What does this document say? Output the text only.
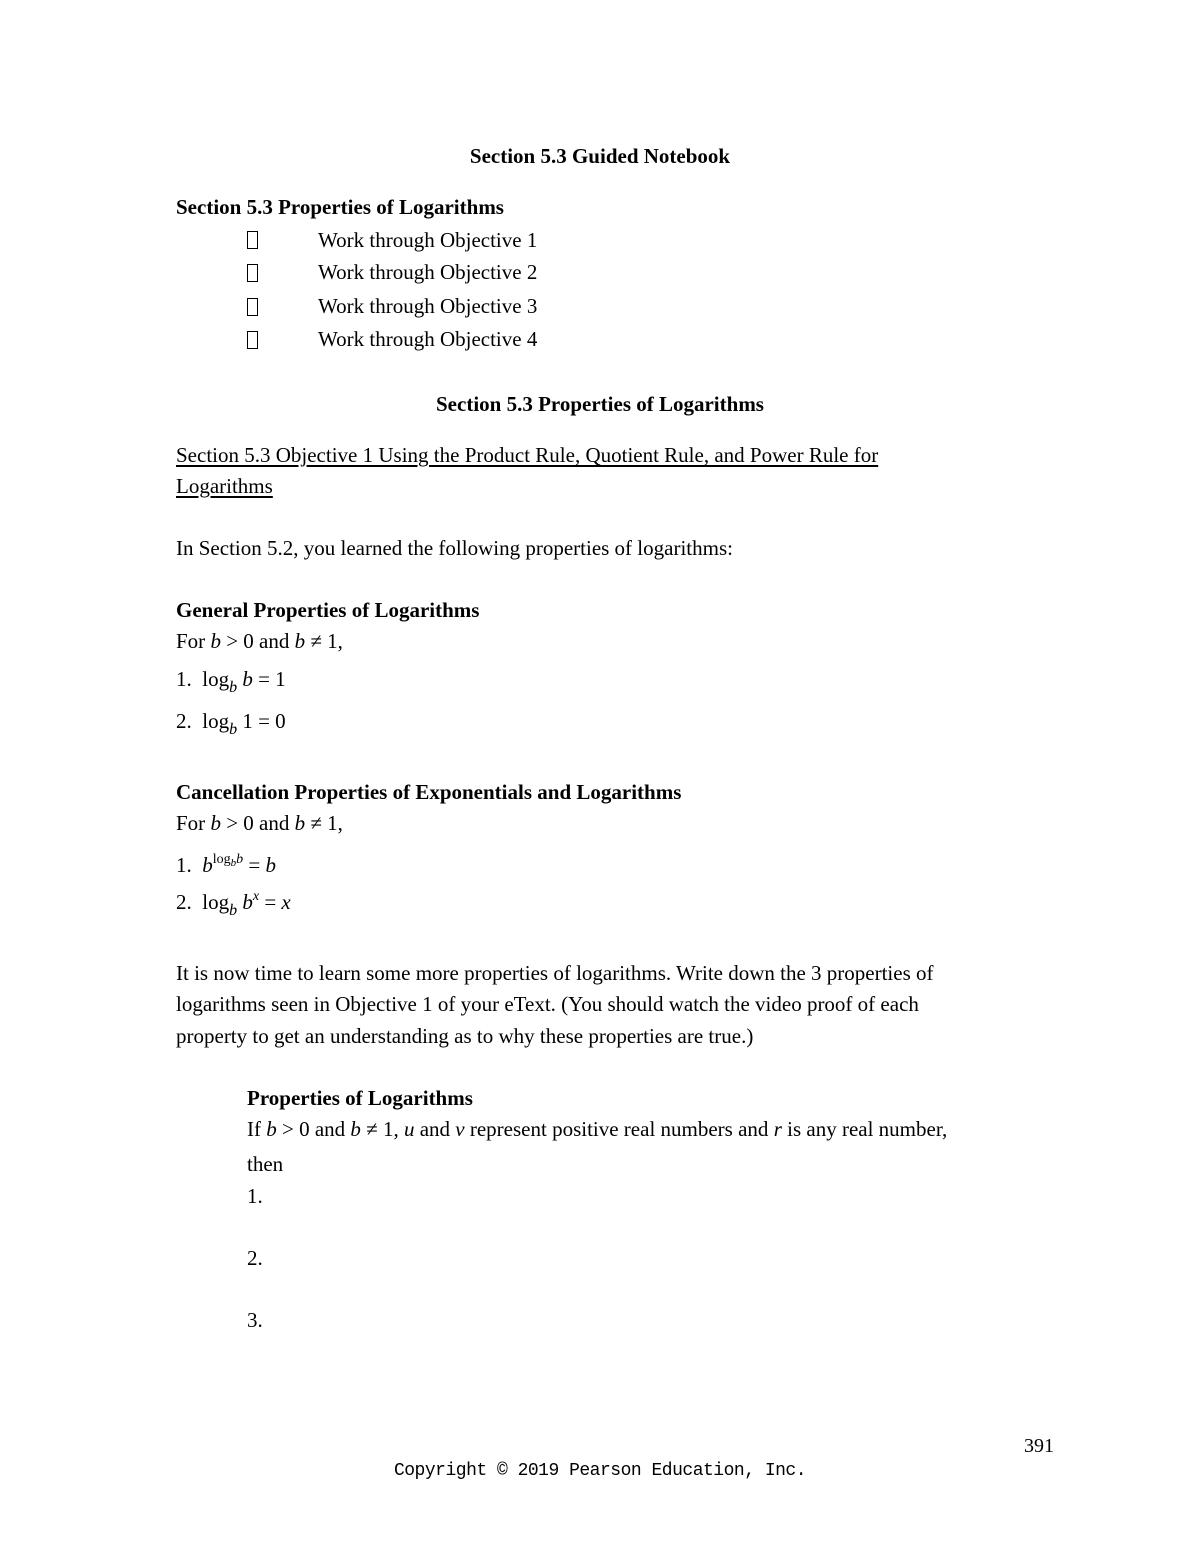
Section 5.3 Guided Notebook
Section 5.3 Properties of Logarithms
Work through Objective 1
Work through Objective 2
Work through Objective 3
Work through Objective 4
Section 5.3 Properties of Logarithms
Section 5.3 Objective 1 Using the Product Rule, Quotient Rule, and Power Rule for
Logarithms
In Section 5.2, you learned the following properties of logarithms:
General Properties of Logarithms
For b > 0 and b ≠ 1,
1. $\log_b b = 1$
2. $\log_b 1 = 0$
Cancellation Properties of Exponentials and Logarithms
For b > 0 and b ≠ 1,
1. $b^{log_bb} = b$
2. $\log_b b^x = x$
It is now time to learn some more properties of logarithms. Write down the 3 properties of
logarithms seen in Objective 1 of your eText. (You should watch the video proof of each
property to get an understanding as to why these properties are true.)
Properties of Logarithms
If b > 0 and b ≠ 1, u and v represent positive real numbers and r is any real number,
then
1.
2.
3.
391
Copyright © 2019 Pearson Education, Inc.
